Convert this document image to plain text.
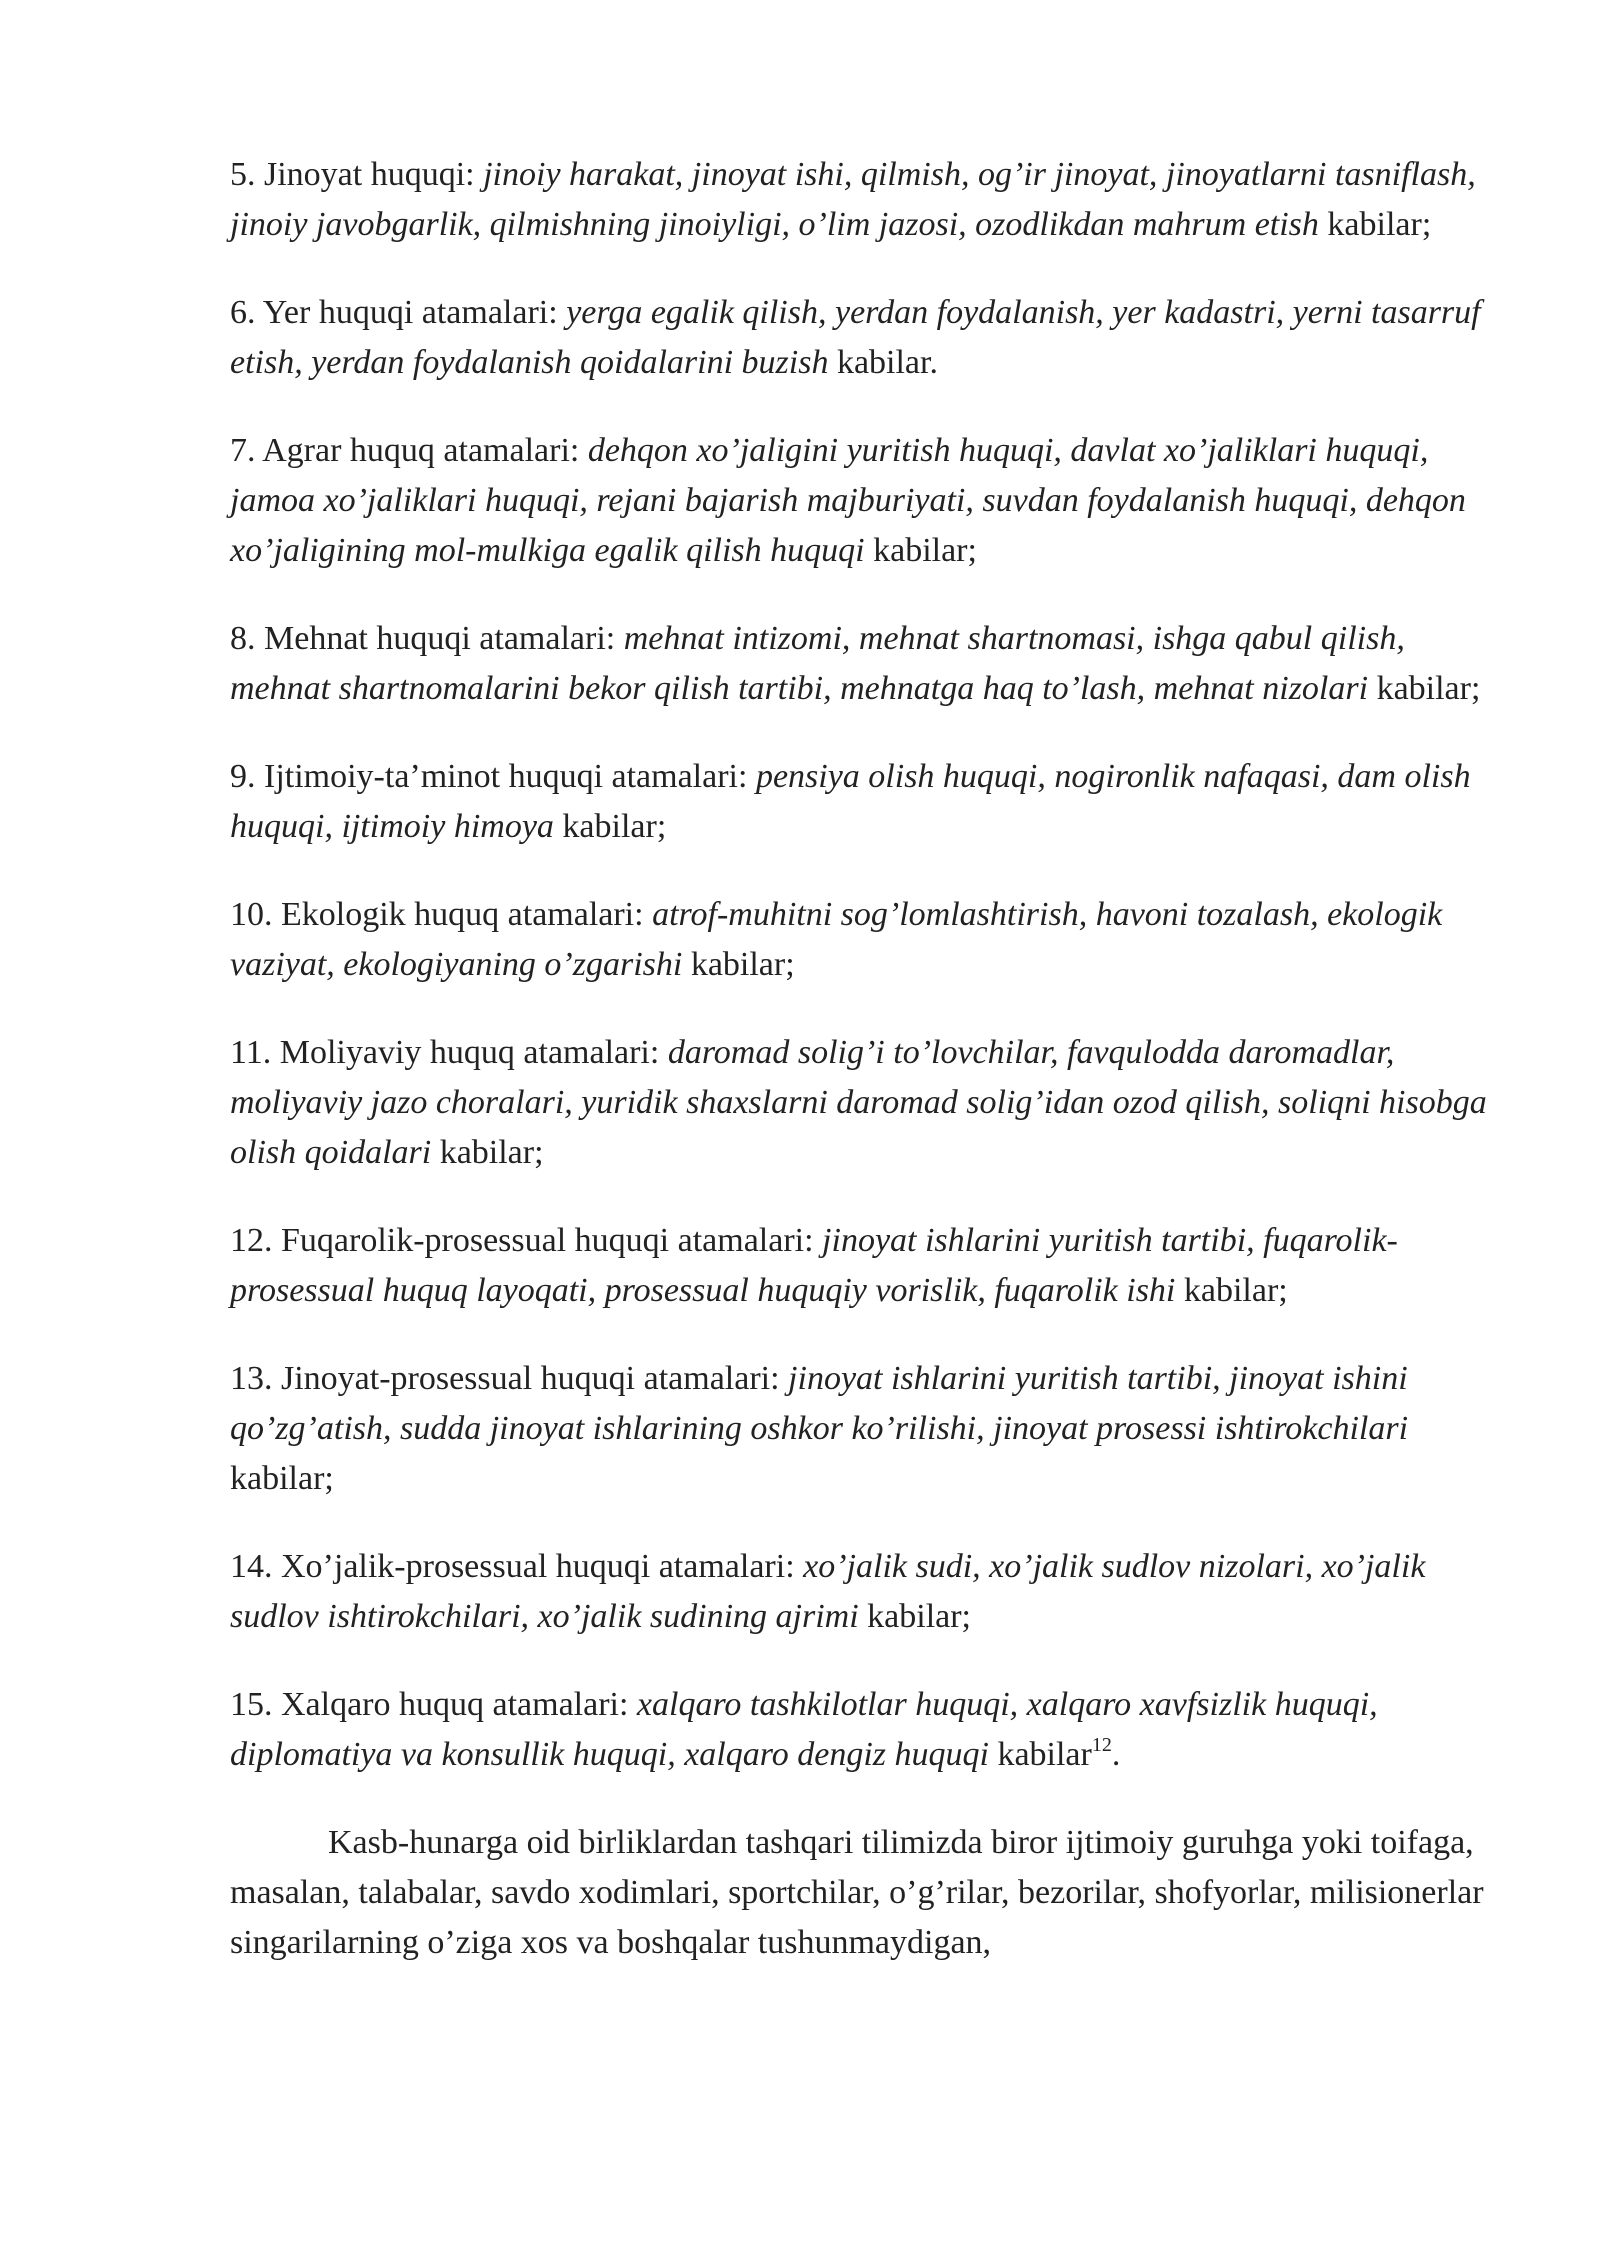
5. Jinoyat huquqi: jinoiy harakat, jinoyat ishi, qilmish, og’ir jinoyat, jinoyatlarni tasniflash, jinoiy javobgarlik, qilmishning jinoiyligi, o’lim jazosi, ozodlikdan mahrum etish kabilar;

6. Yer huquqi atamalari: yerga egalik qilish, yerdan foydalanish, yer kadastri, yerni tasarruf etish, yerdan foydalanish qoidalarini buzish kabilar.

7. Agrar huquq atamalari: dehqon xo’jaligini yuritish huquqi, davlat xo’jaliklari huquqi, jamoa xo’jaliklari huquqi, rejani bajarish majburiyati, suvdan foydalanish huquqi, dehqon xo’jaligining mol-mulkiga egalik qilish huquqi kabilar;

8. Mehnat huquqi atamalari: mehnat intizomi, mehnat shartnomasi, ishga qabul qilish, mehnat shartnomalarini bekor qilish tartibi, mehnatga haq to’lash, mehnat nizolari kabilar;

9. Ijtimoiy-ta’minot huquqi atamalari: pensiya olish huquqi, nogironlik nafaqasi, dam olish huquqi, ijtimoiy himoya kabilar;

10. Ekologik huquq atamalari: atrof-muhitni sog’lomlashtirish, havoni tozalash, ekologik vaziyat, ekologiyaning o’zgarishi kabilar;

11. Moliyaviy huquq atamalari: daromad solig’i to’lovchilar, favqulodda daromadlar, moliyaviy jazo choralari, yuridik shaxslarni daromad solig’idan ozod qilish, soliqni hisobga olish qoidalari kabilar;

12. Fuqarolik-prosessual huquqi atamalari: jinoyat ishlarini yuritish tartibi, fuqarolik-prosessual huquq layoqati, prosessual huquqiy vorislik, fuqarolik ishi kabilar;

13. Jinoyat-prosessual huquqi atamalari: jinoyat ishlarini yuritish tartibi, jinoyat ishini qo’zg’atish, sudda jinoyat ishlarining oshkor ko’rilishi, jinoyat prosessi ishtirokchilari kabilar;

14. Xo’jalik-prosessual huquqi atamalari: xo’jalik sudi, xo’jalik sudlov nizolari, xo’jalik sudlov ishtirokchilari, xo’jalik sudining ajrimi kabilar;

15. Xalqaro huquq atamalari: xalqaro tashkilotlar huquqi, xalqaro xavfsizlik huquqi, diplomatiya va konsullik huquqi, xalqaro dengiz huquqi kabilar$^{12}$.

Kasb-hunarga oid birliklardan tashqari tilimizda biror ijtimoiy guruhga yoki toifaga, masalan, talabalar, savdo xodimlari, sportchilar, o’g’rilar, bezorilar, shofyorlar, milisionerlar singarilarning o’ziga xos va boshqalar tushunmaydigan,
